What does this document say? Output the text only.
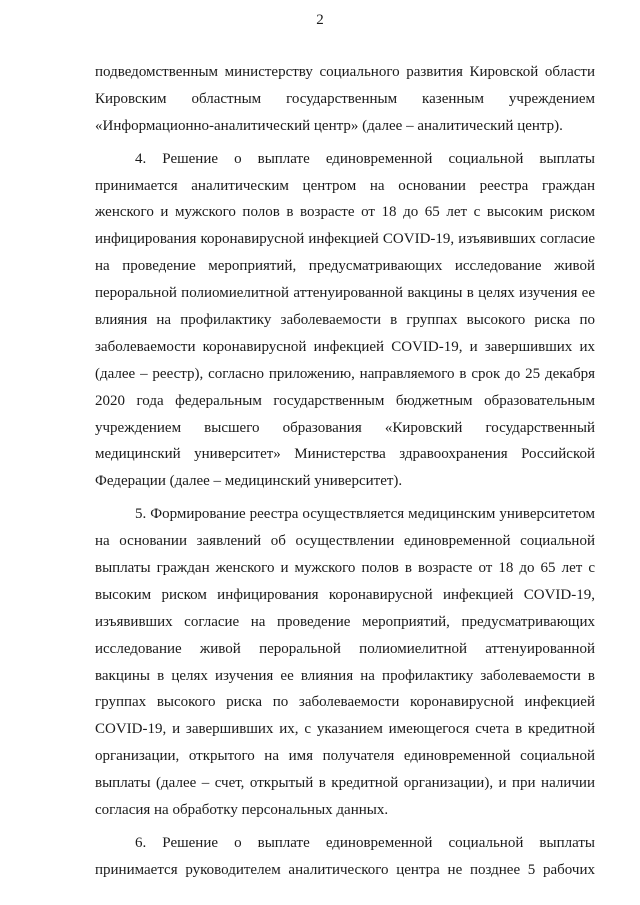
2
подведомственным министерству социального развития Кировской области
Кировским областным государственным казенным учреждением
«Информационно-аналитический центр» (далее – аналитический центр).
4. Решение о выплате единовременной социальной выплаты
принимается аналитическим центром на основании реестра граждан
женского и мужского полов в возрасте от 18 до 65 лет с высоким риском
инфицирования коронавирусной инфекцией COVID-19, изъявивших согласие
на проведение мероприятий, предусматривающих исследование живой
пероральной полиомиелитной аттенуированной вакцины в целях изучения ее
влияния на профилактику заболеваемости в группах высокого риска по
заболеваемости коронавирусной инфекцией COVID-19, и завершивших их
(далее – реестр), согласно приложению, направляемого в срок до 25 декабря
2020 года федеральным государственным бюджетным образовательным
учреждением высшего образования «Кировский государственный
медицинский университет» Министерства здравоохранения Российской
Федерации (далее – медицинский университет).
5. Формирование реестра осуществляется медицинским университетом
на основании заявлений об осуществлении единовременной социальной
выплаты граждан женского и мужского полов в возрасте от 18 до 65 лет с
высоким риском инфицирования коронавирусной инфекцией COVID-19,
изъявивших согласие на проведение мероприятий, предусматривающих
исследование живой пероральной полиомиелитной аттенуированной
вакцины в целях изучения ее влияния на профилактику заболеваемости в
группах высокого риска по заболеваемости коронавирусной инфекцией
COVID-19, и завершивших их, с указанием имеющегося счета в кредитной
организации, открытого на имя получателя единовременной социальной
выплаты (далее – счет, открытый в кредитной организации), и при наличии
согласия на обработку персональных данных.
6. Решение о выплате единовременной социальной выплаты
принимается руководителем аналитического центра не позднее 5 рабочих
